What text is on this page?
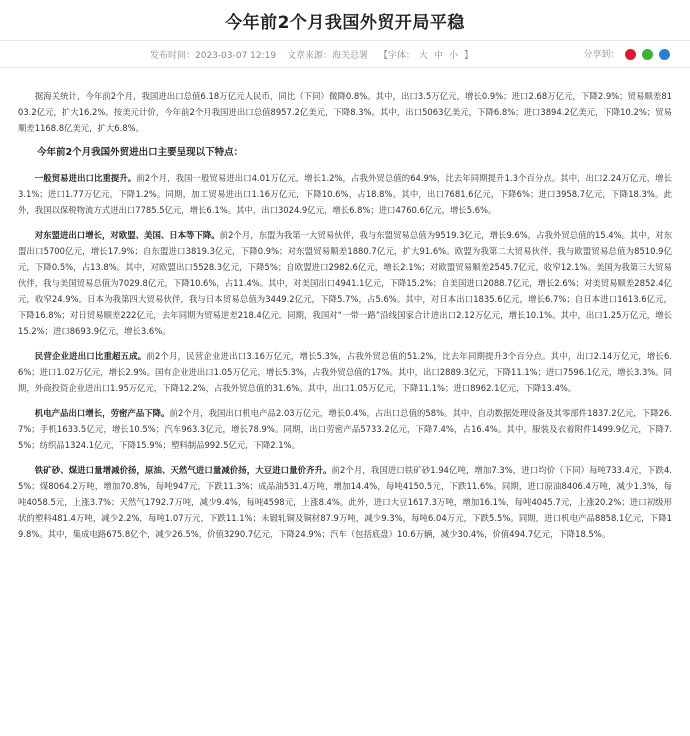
今年前2个月我国外贸开局平稳
发布时间：2023-03-07 12:19 文章来源：海关总署 【字体： 大 中 小 】	分享到：

据海关统计，今年前2个月，我国进出口总值6.18万亿元人民币，同比（下同）微降0.8%。其中，出口3.5万亿元，增长0.9%；进口2.68万亿元，下降2.9%；贸易顺差8103.2亿元，扩大16.2%。按美元计价，今年前2个月我国进出口总值8957.2亿美元，下降8.3%。其中，出口5063亿美元，下降6.8%；进口3894.2亿美元，下降10.2%；贸易顺差1168.8亿美元，扩大6.8%。

今年前2个月我国外贸进出口主要呈现以下特点：

一般贸易进出口比重提升。前2个月，我国一般贸易进出口4.01万亿元，增长1.2%，占我外贸总值的64.9%，比去年同期提升1.3个百分点。其中，出口2.24万亿元，增长3.1%；进口1.77万亿元，下降1.2%。同期，加工贸易进出口1.16万亿元，下降10.6%，占18.8%。其中，出口7681.6亿元，下降6%；进口3958.7亿元，下降18.3%。此外，我国以保税物流方式进出口7785.5亿元，增长6.1%。其中，出口3024.9亿元，增长6.8%；进口4760.6亿元，增长5.6%。

对东盟进出口增长，对欧盟、美国、日本等下降。前2个月，东盟为我第一大贸易伙伴，我与东盟贸易总值为9519.3亿元，增长9.6%，占我外贸总值的15.4%。其中，对东盟出口5700亿元，增长17.9%；自东盟进口3819.3亿元，下降0.9%；对东盟贸易顺差1880.7亿元，扩大91.6%。欧盟为我第二大贸易伙伴，我与欧盟贸易总值为8510.9亿元，下降0.5%，占13.8%。其中，对欧盟出口5528.3亿元，下降5%；自欧盟进口2982.6亿元，增长2.1%；对欧盟贸易顺差2545.7亿元，收窄12.1%。美国为我第三大贸易伙伴，我与美国贸易总值为7029.8亿元，下降10.6%，占11.4%。其中，对美国出口4941.1亿元，下降15.2%；自美国进口2088.7亿元，增长2.6%；对美贸易顺差2852.4亿元，收窄24.9%。日本为我第四大贸易伙伴，我与日本贸易总值为3449.2亿元，下降5.7%，占5.6%。其中，对日本出口1835.6亿元，增长6.7%；自日本进口1613.6亿元，下降16.8%；对日贸易顺差222亿元，去年同期为贸易逆差218.4亿元。同期，我国对“一带一路”沿线国家合计进出口2.12万亿元，增长10.1%。其中，出口1.25万亿元，增长15.2%；进口8693.9亿元，增长3.6%。

民营企业进出口比重超五成。前2个月，民营企业进出口3.16万亿元，增长5.3%，占我外贸总值的51.2%，比去年同期提升3个百分点。其中，出口2.14万亿元，增长6.6%；进口1.02万亿元，增长2.9%。国有企业进出口1.05万亿元，增长5.3%，占我外贸总值的17%。其中，出口2889.3亿元，下降11.1%；进口7596.1亿元，增长3.3%。同期，外商投资企业进出口1.95万亿元，下降12.2%，占我外贸总值的31.6%。其中，出口1.05万亿元，下降11.1%；进口8962.1亿元，下降13.4%。

机电产品出口增长，劳密产品下降。前2个月，我国出口机电产品2.03万亿元，增长0.4%，占出口总值的58%。其中，自动数据处理设备及其零部件1837.2亿元，下降26.7%；手机1633.5亿元，增长10.5%；汽车963.3亿元，增长78.9%。同期，出口劳密产品5733.2亿元，下降7.4%，占16.4%。其中，服装及衣着附件1499.9亿元，下降7.5%；纺织品1324.1亿元，下降15.9%；塑料制品992.5亿元，下降2.1%。

铁矿砂、煤进口量增减价扬，原油、天然气进口量减价扬，大豆进口量价齐升。前2个月，我国进口铁矿砂1.94亿吨，增加7.3%，进口均价（下同）每吨733.4元，下跌4.5%；煤8064.2万吨，增加70.8%，每吨947元，下跌11.3%；成品油531.4万吨，增加14.4%，每吨4150.5元，下跌11.6%。同期，进口原油8406.4万吨，减少1.3%，每吨4058.5元，上涨3.7%；天然气1792.7万吨，减少9.4%，每吨4598元，上涨8.4%。此外，进口大豆1617.3万吨，增加16.1%，每吨4045.7元，上涨20.2%；进口初级形状的塑料481.4万吨，减少2.2%，每吨1.07万元，下跌11.1%；未锻轧铜及铜材87.9万吨，减少9.3%，每吨6.04万元，下跌5.5%。同期，进口机电产品8858.1亿元，下降19.8%。其中，集成电路675.8亿个，减少26.5%，价值3290.7亿元，下降24.9%；汽车（包括底盘）10.6万辆，减少30.4%，价值494.7亿元，下降18.5%。
